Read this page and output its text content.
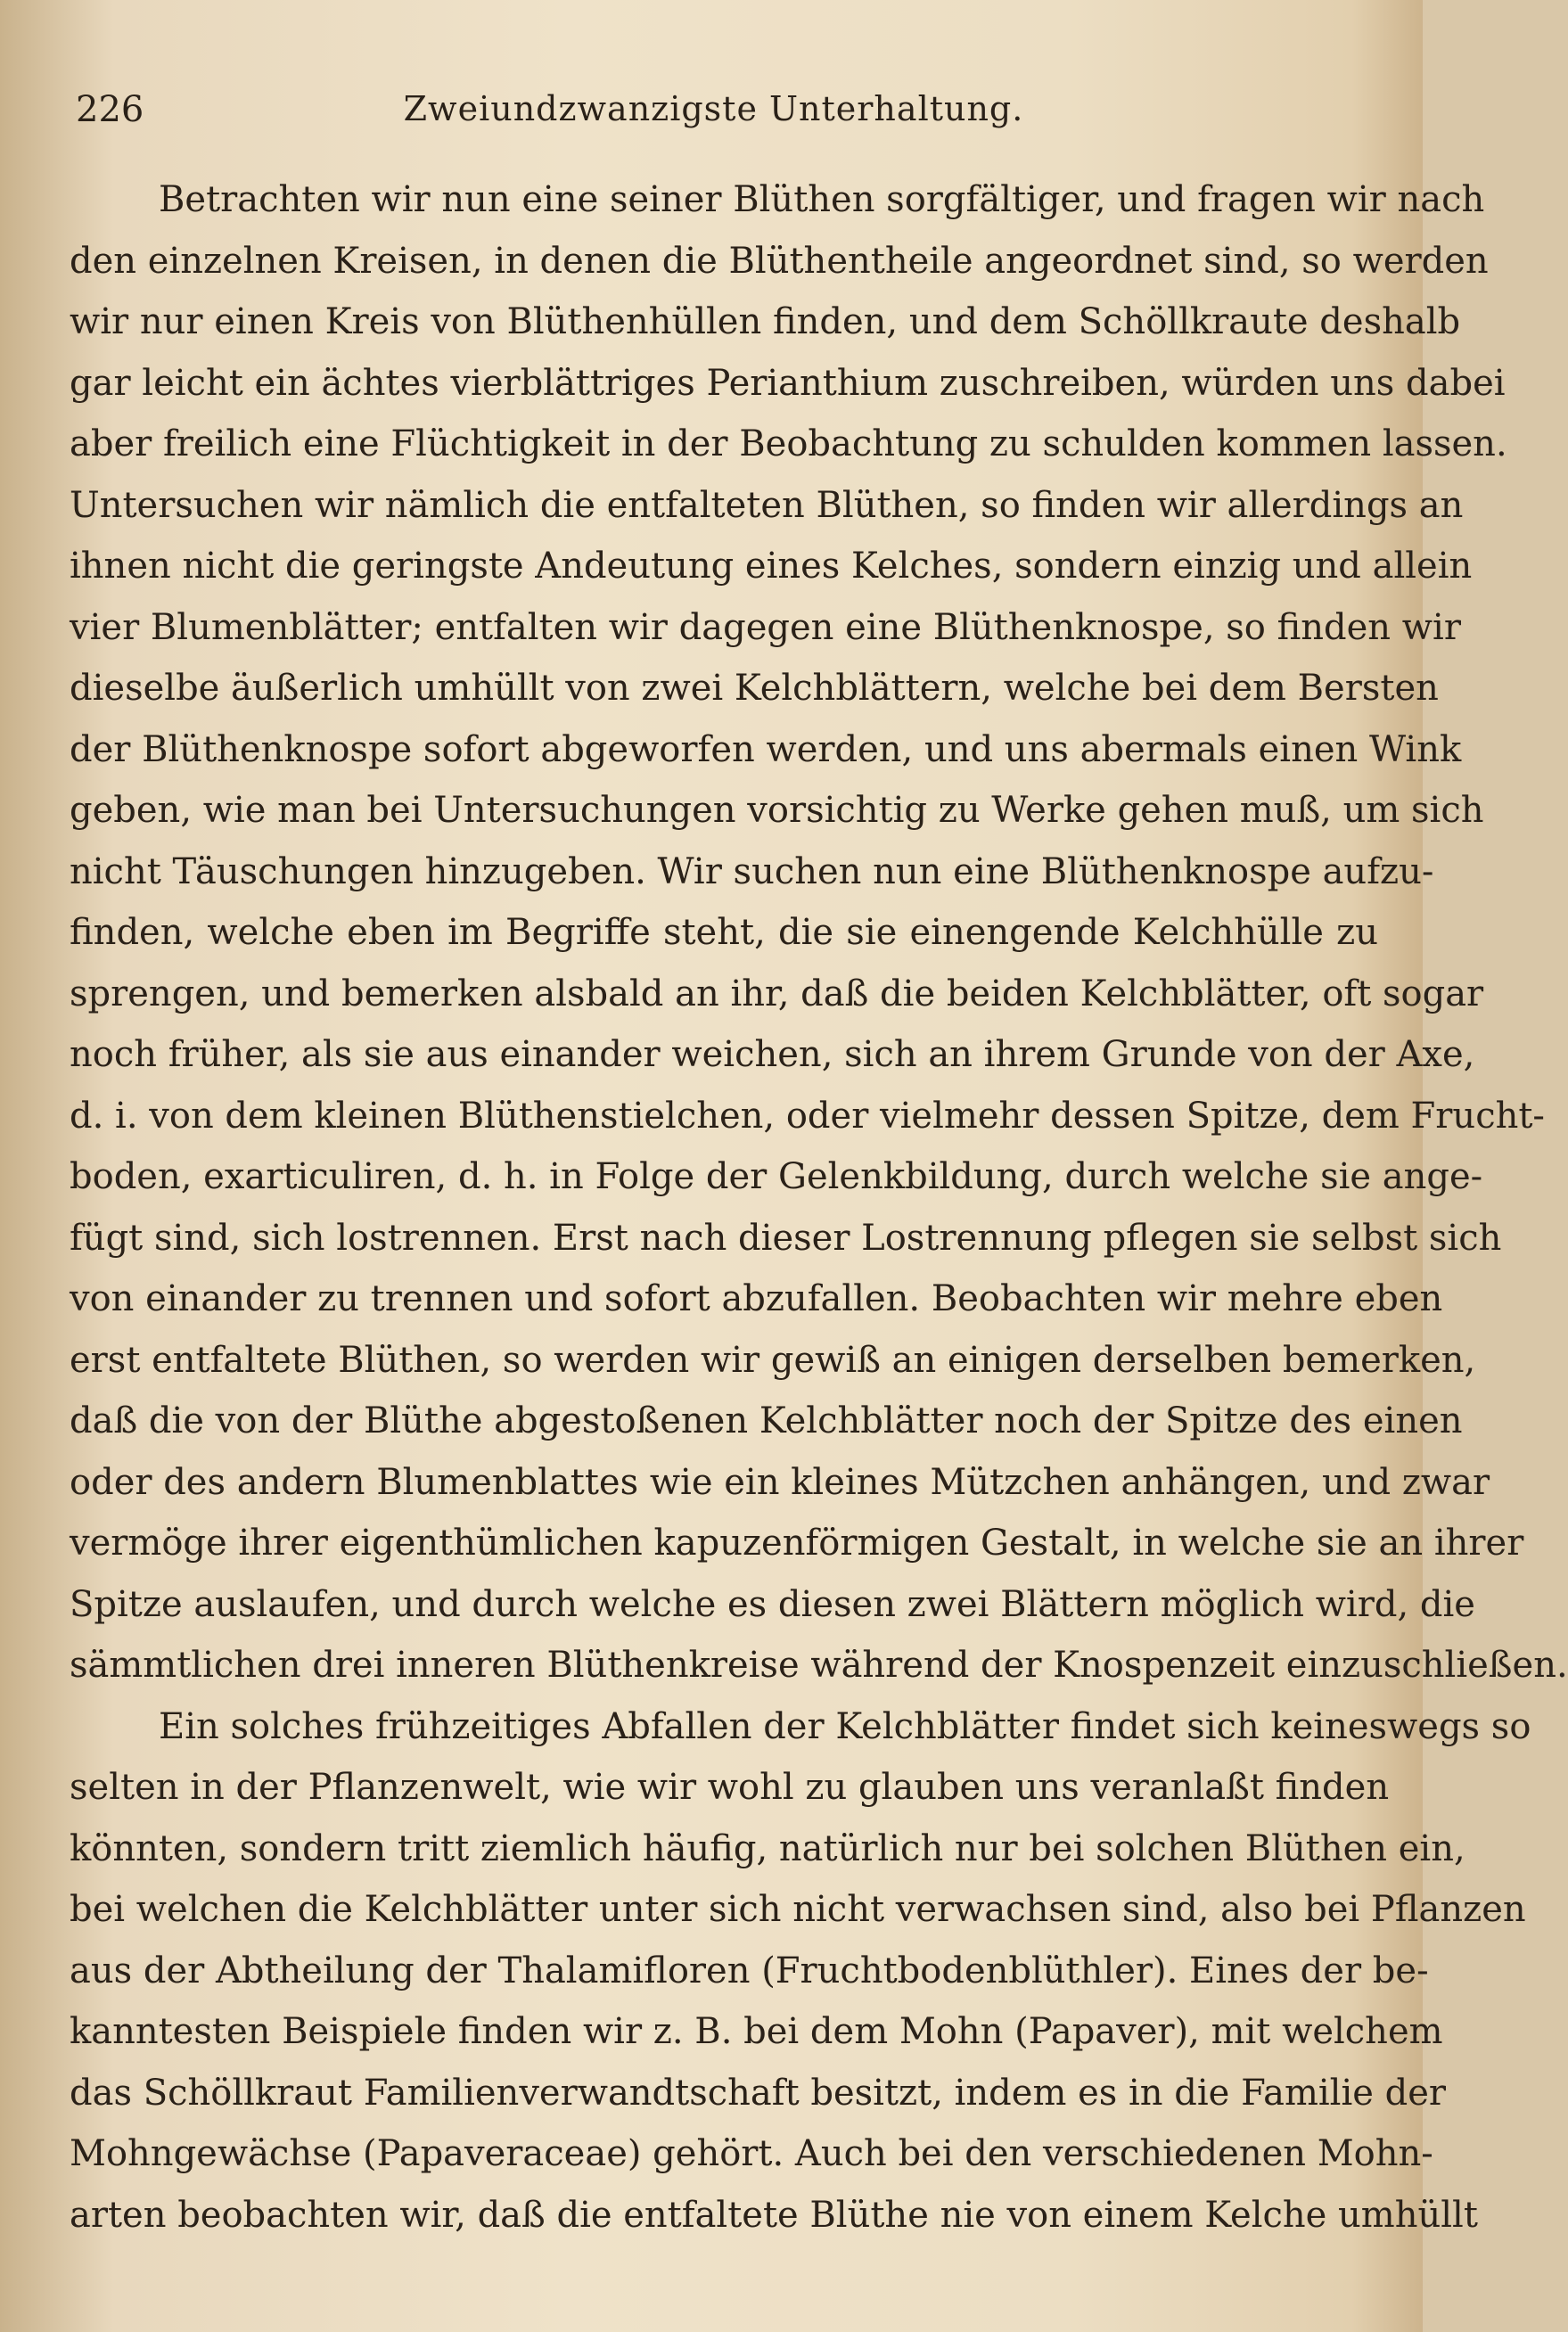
226	Zweiundzwanzigste Unterhaltung.
Betrachten wir nun eine seiner Blüthen sorgfältiger, und fragen wir nach
den einzelnen Kreisen, in denen die Blüthentheile angeordnet sind, so werden
wir nur einen Kreis von Blüthenhüllen finden, und dem Schöllkraute deshalb
gar leicht ein ächtes vierblättriges Perianthium zuschreiben, würden uns dabei
aber freilich eine Flüchtigkeit in der Beobachtung zu schulden kommen lassen.
Untersuchen wir nämlich die entfalteten Blüthen, so finden wir allerdings an
ihnen nicht die geringste Andeutung eines Kelches, sondern einzig und allein
vier Blumenblätter; entfalten wir dagegen eine Blüthenknospe, so finden wir
dieselbe äußerlich umhüllt von zwei Kelchblättern, welche bei dem Bersten
der Blüthenknospe sofort abgeworfen werden, und uns abermals einen Wink
geben, wie man bei Untersuchungen vorsichtig zu Werke gehen muß, um sich
nicht Täuschungen hinzugeben. Wir suchen nun eine Blüthenknospe aufzu-
finden, welche eben im Begriffe steht, die sie einengende Kelchhülle zu
sprengen, und bemerken alsbald an ihr, daß die beiden Kelchblätter, oft sogar
noch früher, als sie aus einander weichen, sich an ihrem Grunde von der Axe,
d. i. von dem kleinen Blüthenstielchen, oder vielmehr dessen Spitze, dem Frucht-
boden, exarticuliren, d. h. in Folge der Gelenkbildung, durch welche sie ange-
fügt sind, sich lostrennen. Erst nach dieser Lostrennung pflegen sie selbst sich
von einander zu trennen und sofort abzufallen. Beobachten wir mehre eben
erst entfaltete Blüthen, so werden wir gewiß an einigen derselben bemerken,
daß die von der Blüthe abgestoßenen Kelchblätter noch der Spitze des einen
oder des andern Blumenblattes wie ein kleines Mützchen anhängen, und zwar
vermöge ihrer eigenthümlichen kapuzenförmigen Gestalt, in welche sie an ihrer
Spitze auslaufen, und durch welche es diesen zwei Blättern möglich wird, die
sämmtlichen drei inneren Blüthenkreise während der Knospenzeit einzuschließen.
Ein solches frühzeitiges Abfallen der Kelchblätter findet sich keineswegs so
selten in der Pflanzenwelt, wie wir wohl zu glauben uns veranlaßt finden
könnten, sondern tritt ziemlich häufig, natürlich nur bei solchen Blüthen ein,
bei welchen die Kelchblätter unter sich nicht verwachsen sind, also bei Pflanzen
aus der Abtheilung der Thalamifloren (Fruchtbodenblüthler). Eines der be-
kanntesten Beispiele finden wir z. B. bei dem Mohn (Papaver), mit welchem
das Schöllkraut Familienverwandtschaft besitzt, indem es in die Familie der
Mohngewächse (Papaveraceae) gehört. Auch bei den verschiedenen Mohn-
arten beobachten wir, daß die entfaltete Blüthe nie von einem Kelche umhüllt
